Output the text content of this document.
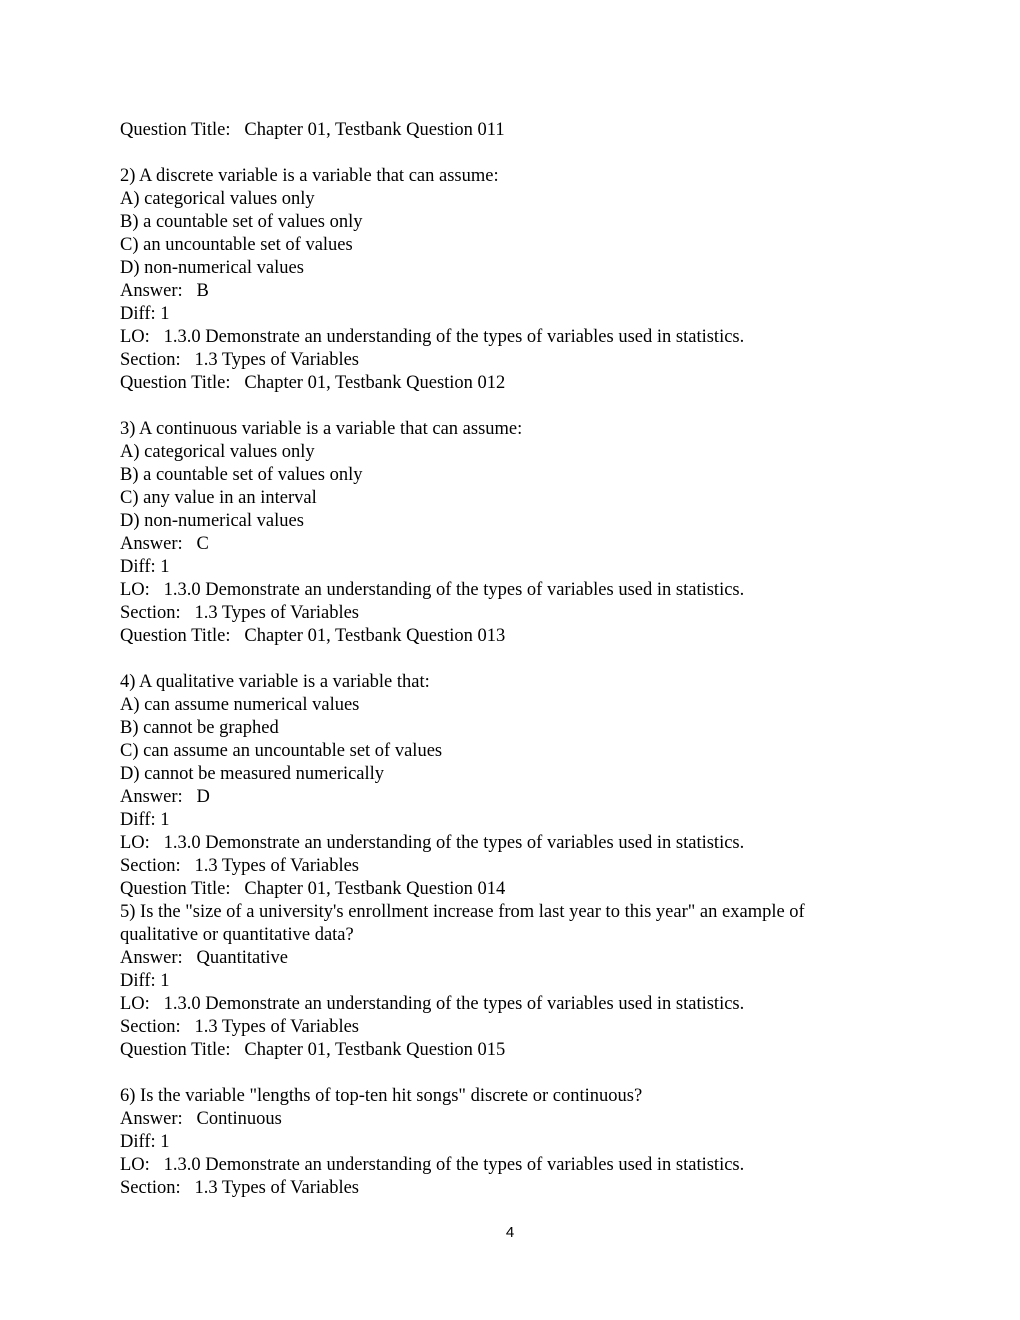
Question Title:   Chapter 01, Testbank Question 011
2) A discrete variable is a variable that can assume:
A) categorical values only
B) a countable set of values only
C) an uncountable set of values
D) non-numerical values
Answer:   B
Diff: 1
LO:   1.3.0 Demonstrate an understanding of the types of variables used in statistics.
Section:   1.3 Types of Variables
Question Title:   Chapter 01, Testbank Question 012
3) A continuous variable is a variable that can assume:
A) categorical values only
B) a countable set of values only
C) any value in an interval
D) non-numerical values
Answer:   C
Diff: 1
LO:   1.3.0 Demonstrate an understanding of the types of variables used in statistics.
Section:   1.3 Types of Variables
Question Title:   Chapter 01, Testbank Question 013
4) A qualitative variable is a variable that:
A) can assume numerical values
B) cannot be graphed
C) can assume an uncountable set of values
D) cannot be measured numerically
Answer:   D
Diff: 1
LO:   1.3.0 Demonstrate an understanding of the types of variables used in statistics.
Section:   1.3 Types of Variables
Question Title:   Chapter 01, Testbank Question 014
5) Is the "size of a university's enrollment increase from last year to this year" an example of
qualitative or quantitative data?
Answer:   Quantitative
Diff: 1
LO:   1.3.0 Demonstrate an understanding of the types of variables used in statistics.
Section:   1.3 Types of Variables
Question Title:   Chapter 01, Testbank Question 015
6) Is the variable "lengths of top-ten hit songs" discrete or continuous?
Answer:   Continuous
Diff: 1
LO:   1.3.0 Demonstrate an understanding of the types of variables used in statistics.
Section:   1.3 Types of Variables
4
